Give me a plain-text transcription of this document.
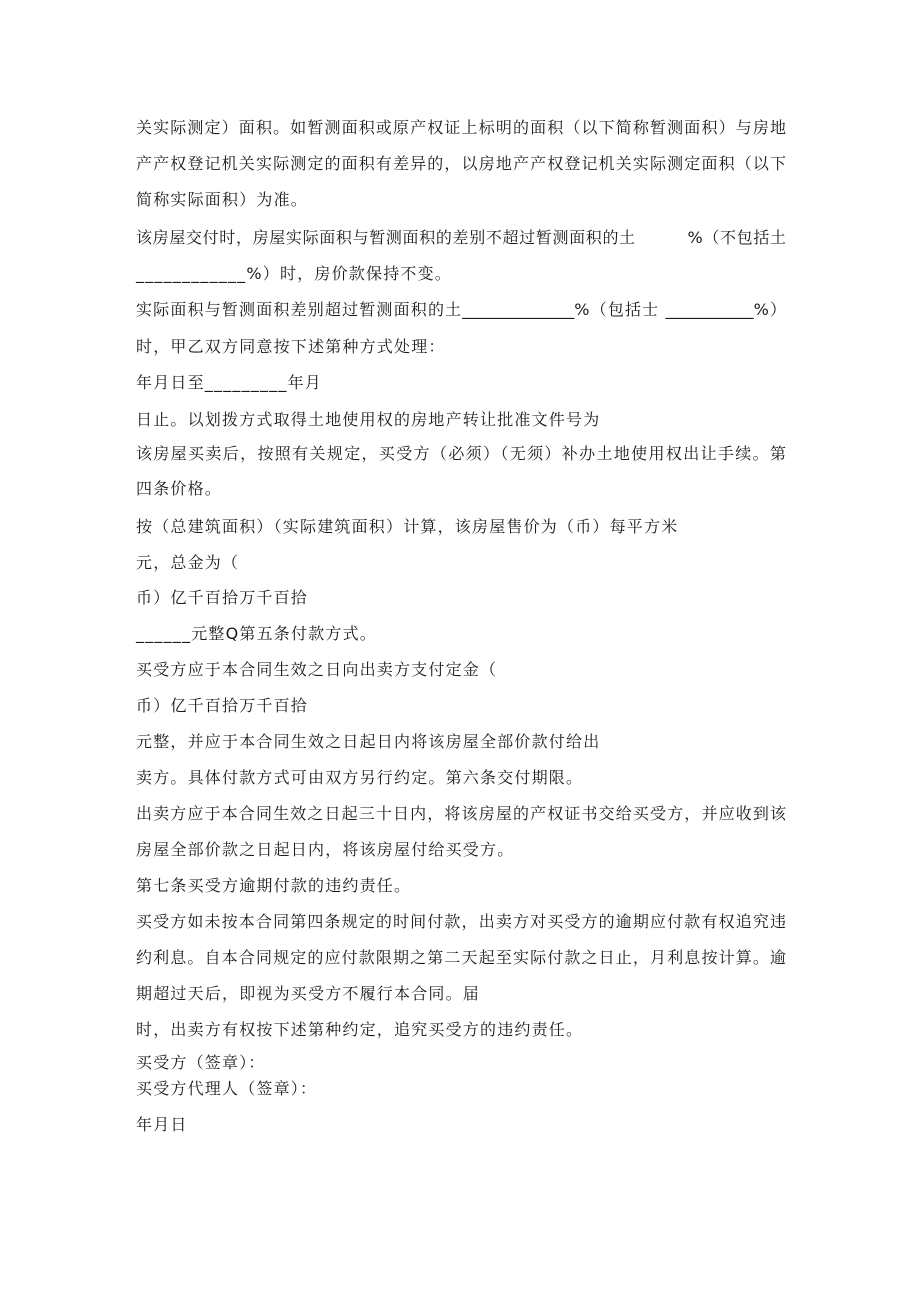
关实际测定）面积。如暂测面积或原产权证上标明的面积（以下简称暂测面积）与房地
产产权登记机关实际测定的面积有差异的，以房地产产权登记机关实际测定面积（以下
简称实际面积）为准。
该房屋交付时，房屋实际面积与暂测面积的差别不超过暂测面积的土         %（不包括土
____________%）时，房价款保持不变。
实际面积与暂测面积差别超过暂测面积的土______________%（包括士 ___________%）
时，甲乙双方同意按下述第种方式处理：
年月日至_________年月
日止。以划拨方式取得土地使用权的房地产转让批准文件号为
该房屋买卖后，按照有关规定，买受方（必须）（无须）补办土地使用权出让手续。第
四条价格。
按（总建筑面积）（实际建筑面积）计算，该房屋售价为（币）每平方米
元，总金为（
币）亿千百拾万千百拾
______元整Q第五条付款方式。
买受方应于本合同生效之日向出卖方支付定金（
币）亿千百拾万千百拾
元整，并应于本合同生效之日起日内将该房屋全部价款付给出
卖方。具体付款方式可由双方另行约定。第六条交付期限。
出卖方应于本合同生效之日起三十日内，将该房屋的产权证书交给买受方，并应收到该
房屋全部价款之日起日内，将该房屋付给买受方。
第七条买受方逾期付款的违约责任。
买受方如未按本合同第四条规定的时间付款，出卖方对买受方的逾期应付款有权追究违
约利息。自本合同规定的应付款限期之第二天起至实际付款之日止，月利息按计算。逾
期超过天后，即视为买受方不履行本合同。届
时，出卖方有权按下述第种约定，追究买受方的违约责任。
买受方（签章）：
买受方代理人（签章）：
年月日
